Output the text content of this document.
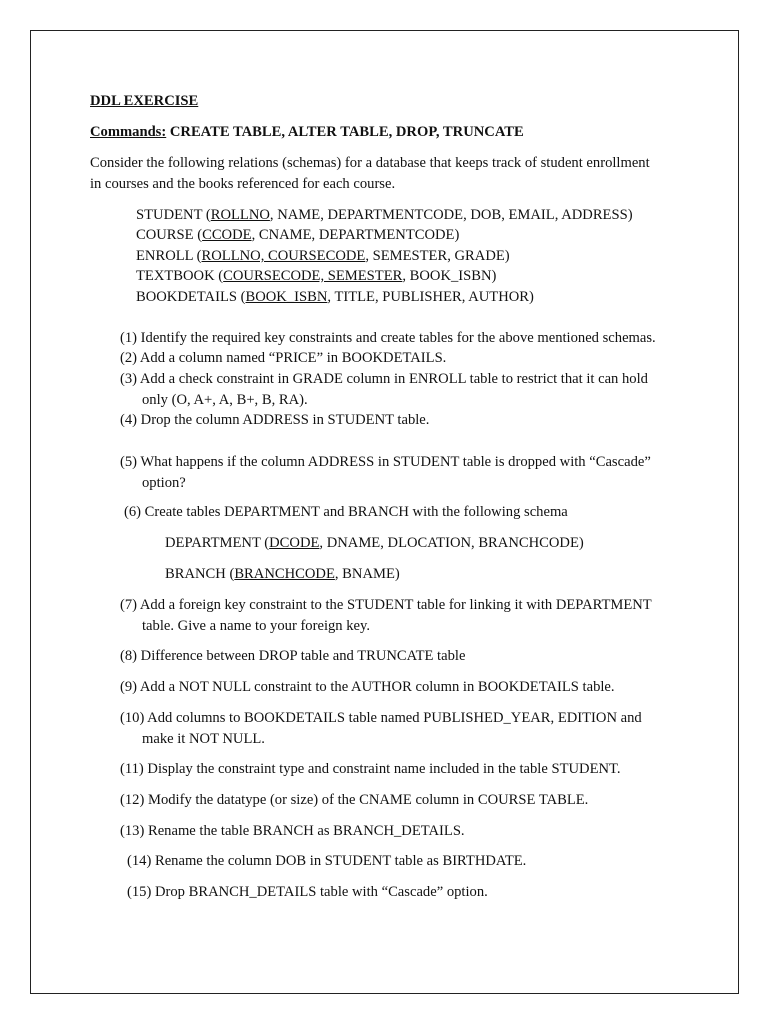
DDL EXERCISE
Commands: CREATE TABLE, ALTER TABLE, DROP, TRUNCATE
Consider the following relations (schemas) for a database that keeps track of student enrollment
in courses and the books referenced for each course.
STUDENT (ROLLNO, NAME, DEPARTMENTCODE, DOB, EMAIL, ADDRESS)
COURSE (CCODE, CNAME, DEPARTMENTCODE)
ENROLL (ROLLNO, COURSECODE, SEMESTER, GRADE)
TEXTBOOK (COURSECODE, SEMESTER, BOOK_ISBN)
BOOKDETAILS (BOOK_ISBN, TITLE, PUBLISHER, AUTHOR)
DEPARTMENT (DCODE, DNAME, DLOCATION, BRANCHCODE)
BRANCH (BRANCHCODE, BNAME)
(1) Identify the required key constraints and create tables for the above mentioned schemas.
(2) Add a column named “PRICE” in BOOKDETAILS.
(3) Add a check constraint in GRADE column in ENROLL table to restrict that it can hold
only (O, A+, A, B+, B, RA).
(4) Drop the column ADDRESS in STUDENT table.
(5) What happens if the column ADDRESS in STUDENT table is dropped with “Cascade”
option?
(6) Create tables DEPARTMENT and BRANCH with the following schema
(7) Add a foreign key constraint to the STUDENT table for linking it with DEPARTMENT
table. Give a name to your foreign key.
(8) Difference between DROP table and TRUNCATE table
(9) Add a NOT NULL constraint to the AUTHOR column in BOOKDETAILS table.
(10) Add columns to BOOKDETAILS table named PUBLISHED_YEAR, EDITION and
make it NOT NULL.
(11) Display the constraint type and constraint name included in the table STUDENT.
(12) Modify the datatype (or size) of the CNAME column in COURSE TABLE.
(13) Rename the table BRANCH as BRANCH_DETAILS.
(14) Rename the column DOB in STUDENT table as BIRTHDATE.
(15) Drop BRANCH_DETAILS table with “Cascade” option.
